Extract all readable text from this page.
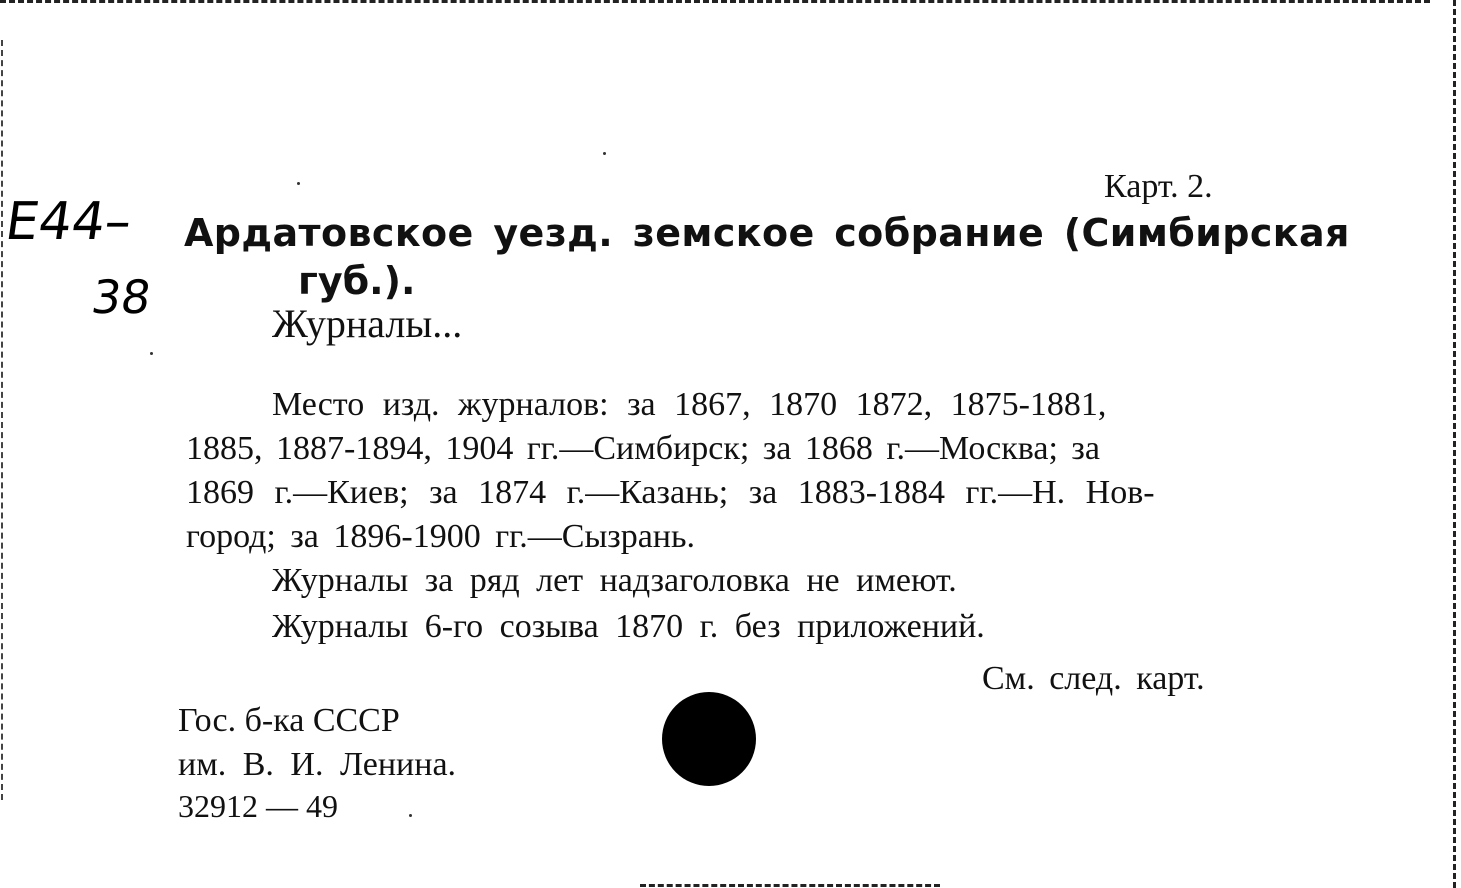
Е44–
38
Карт. 2.
Ардатовское уезд. земское собрание (Симбирская
губ.).
Журналы...
Место изд. журналов: за 1867, 1870 1872, 1875-1881,
1885, 1887-1894, 1904 гг.—Симбирск; за 1868 г.—Москва; за
1869 г.—Киев; за 1874 г.—Казань; за 1883-1884 гг.—Н. Нов-
город; за 1896-1900 гг.—Сызрань.
Журналы за ряд лет надзаголовка не имеют.
Журналы 6-го созыва 1870 г. без приложений.
См. след. карт.
Гос. б-ка СССР
им. В. И. Ленина.
32912 — 49
